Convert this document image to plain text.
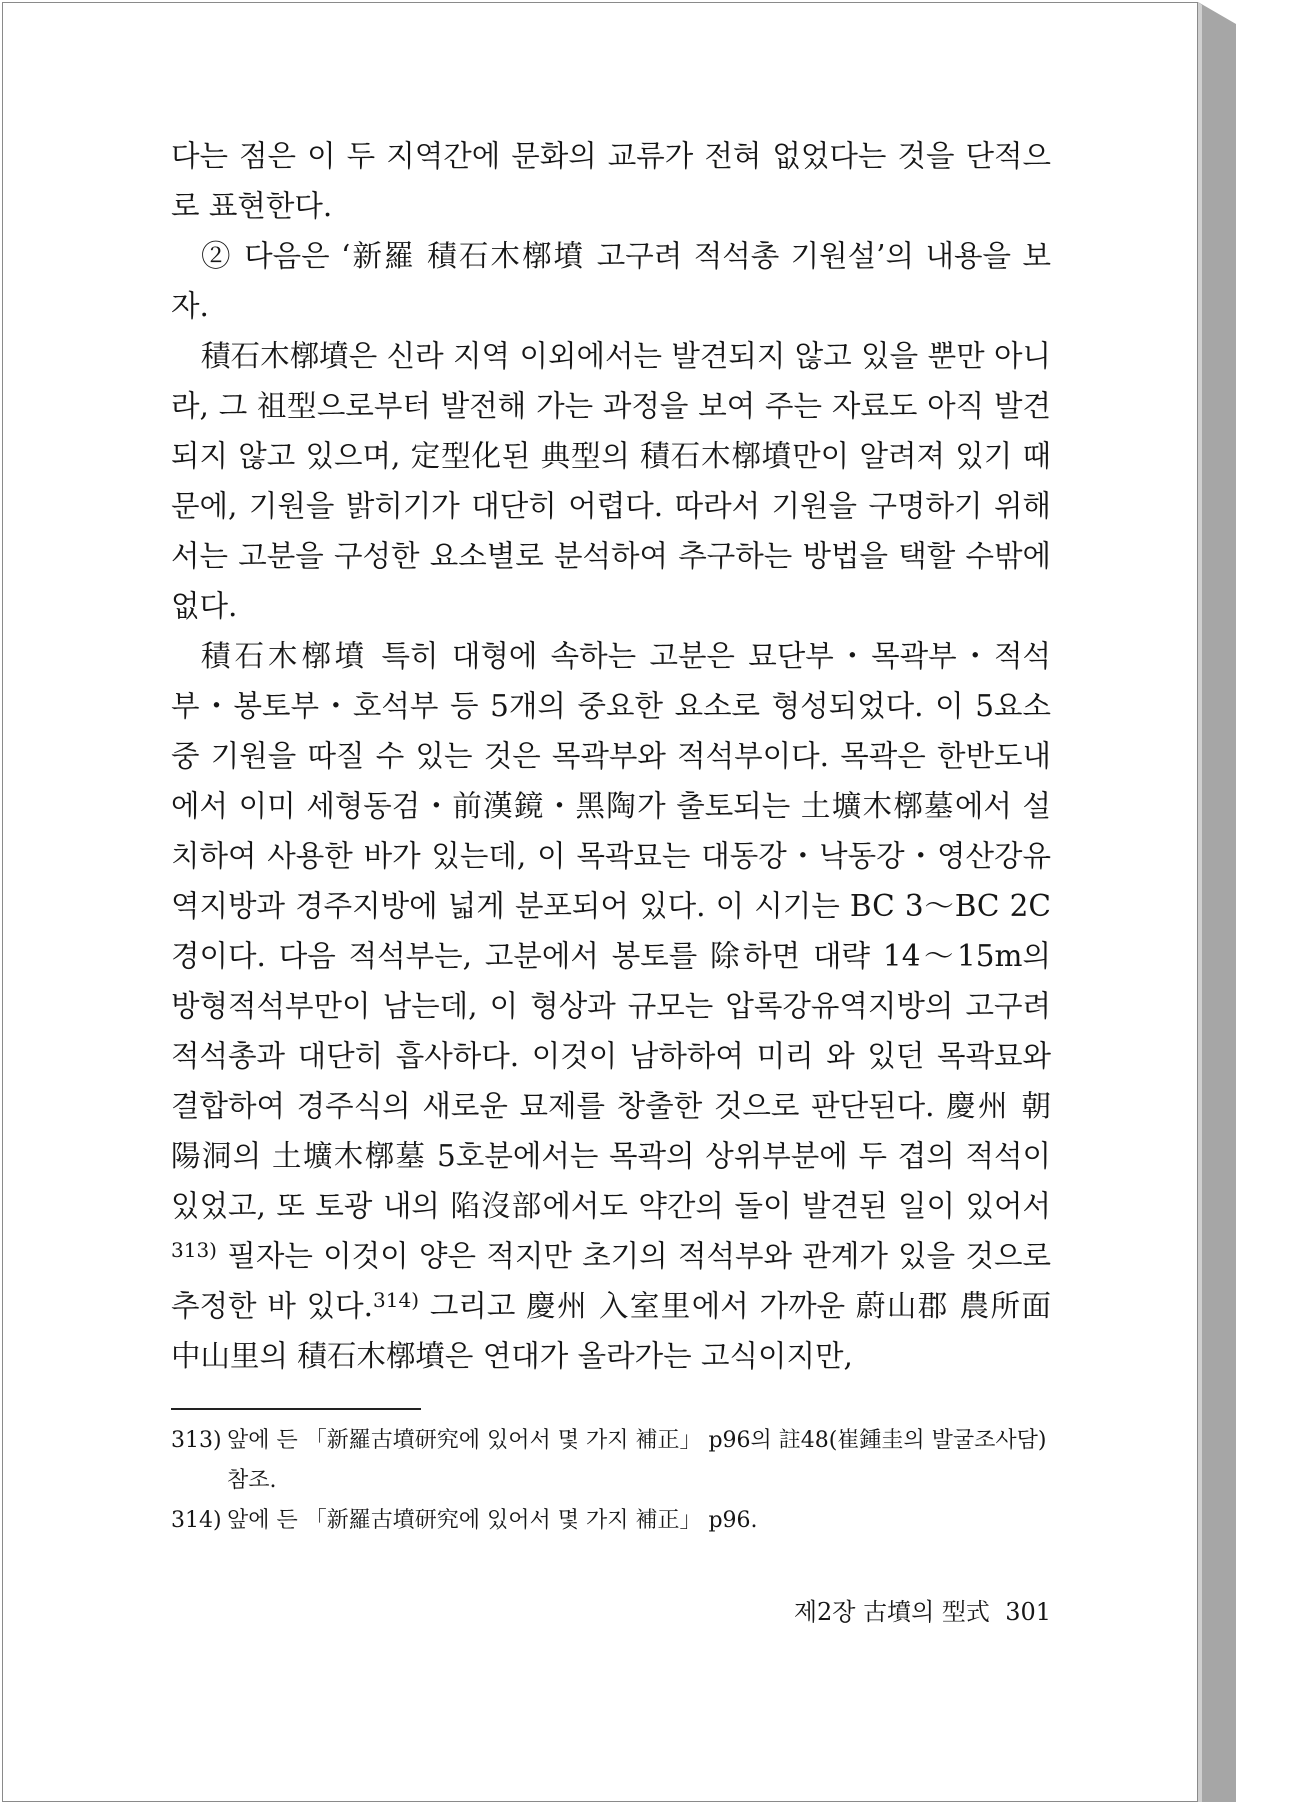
다는 점은 이 두 지역간에 문화의 교류가 전혀 없었다는 것을 단적으로 표현한다.

② 다음은 ‘新羅 積石木槨墳 고구려 적석총 기원설’의 내용을 보자.

積石木槨墳은 신라 지역 이외에서는 발견되지 않고 있을 뿐만 아니라, 그 祖型으로부터 발전해 가는 과정을 보여 주는 자료도 아직 발견되지 않고 있으며, 定型化된 典型의 積石木槨墳만이 알려져 있기 때문에, 기원을 밝히기가 대단히 어렵다. 따라서 기원을 구명하기 위해서는 고분을 구성한 요소별로 분석하여 추구하는 방법을 택할 수밖에 없다.

積石木槨墳 특히 대형에 속하는 고분은 묘단부・목곽부・적석부・봉토부・호석부 등 5개의 중요한 요소로 형성되었다. 이 5요소 중 기원을 따질 수 있는 것은 목곽부와 적석부이다. 목곽은 한반도내에서 이미 세형동검・前漢鏡・黑陶가 출토되는 土壙木槨墓에서 설치하여 사용한 바가 있는데, 이 목곽묘는 대동강・낙동강・영산강유역지방과 경주지방에 넓게 분포되어 있다. 이 시기는 BC 3～BC 2C경이다. 다음 적석부는, 고분에서 봉토를 除하면 대략 14～15m의 방형적석부만이 남는데, 이 형상과 규모는 압록강유역지방의 고구려 적석총과 대단히 흡사하다. 이것이 남하하여 미리 와 있던 목곽묘와 결합하여 경주식의 새로운 묘제를 창출한 것으로 판단된다. 慶州 朝陽洞의 土壙木槨墓 5호분에서는 목곽의 상위부분에 두 겹의 적석이 있었고, 또 토광 내의 陷沒部에서도 약간의 돌이 발견된 일이 있어서$^{313)}$ 필자는 이것이 양은 적지만 초기의 적석부와 관계가 있을 것으로 추정한 바 있다.$^{314)}$ 그리고 慶州 入室里에서 가까운 蔚山郡 農所面 中山里의 積石木槨墳은 연대가 올라가는 고식이지만,

313) 앞에 든 「新羅古墳研究에 있어서 몇 가지 補正」 p96의 註48(崔鍾圭의 발굴조사담) 참조.
314) 앞에 든 「新羅古墳研究에 있어서 몇 가지 補正」 p96.
제2장 古墳의 型式 301
